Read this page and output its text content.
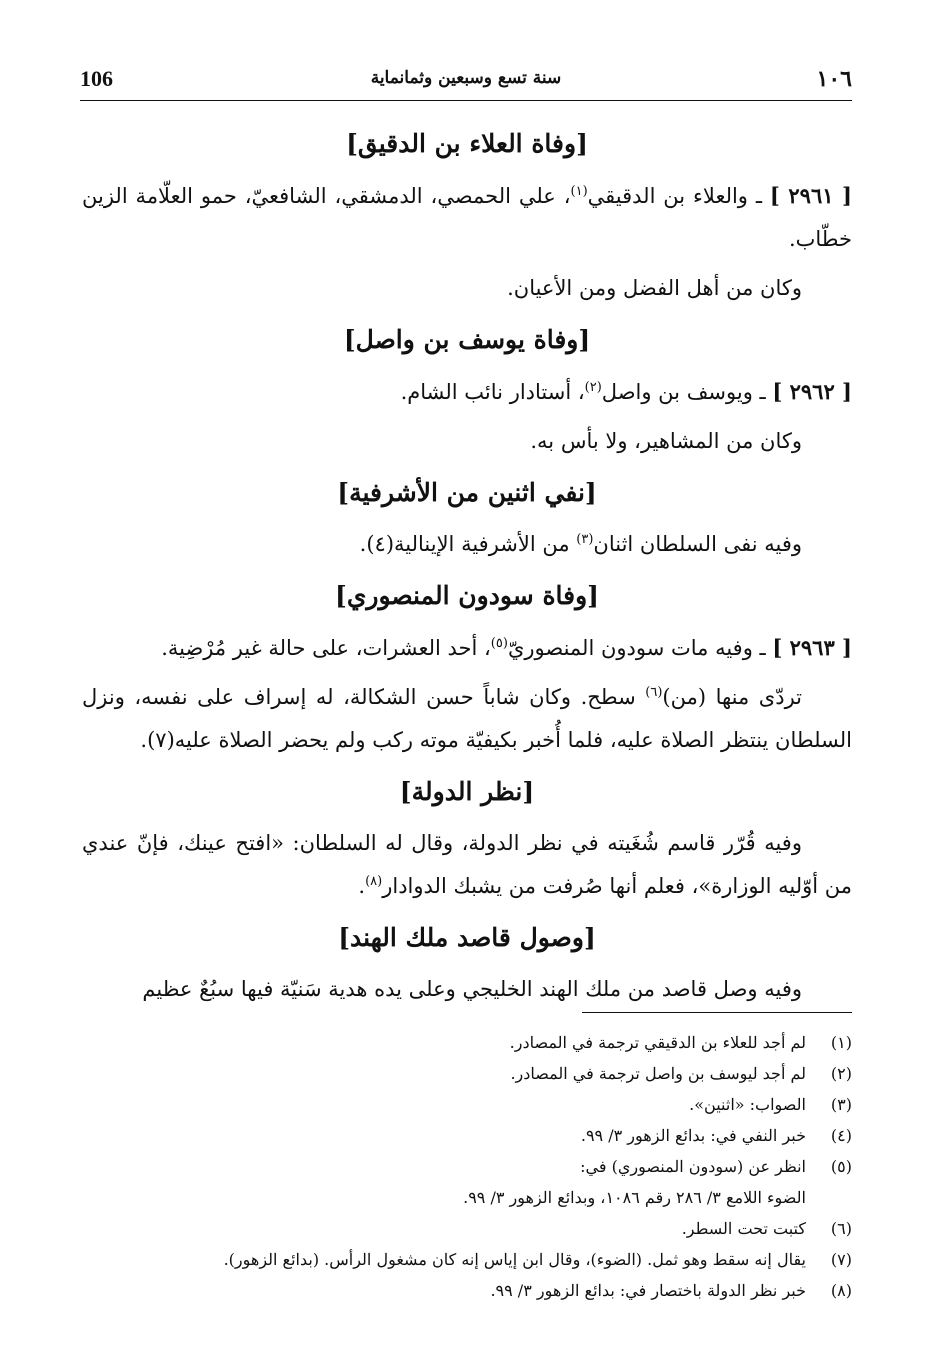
106	سنة تسع وسبعين وثمانماية	١٠٦
[وفاة العلاء بن الدقيق]

[ ٢٩٦١ ] ـ والعلاء بن الدقيقي$^{(١)}$، علي الحمصي، الدمشقي، الشافعيّ، حمو العلّامة الزين خطّاب.

وكان من أهل الفضل ومن الأعيان.

[وفاة يوسف بن واصل]

[ ٢٩٦٢ ] ـ ويوسف بن واصل$^{(٢)}$، أستادار نائب الشام.

وكان من المشاهير، ولا بأس به.

[نفي اثنين من الأشرفية]

وفيه نفى السلطان اثنان$^{(٣)}$ من الأشرفية الإينالية(٤).

[وفاة سودون المنصوري]

[ ٢٩٦٣ ] ـ وفيه مات سودون المنصوريّ$^{(٥)}$، أحد العشرات، على حالة غير مُرْضِية.

تردّى منها (من)$^{(٦)}$ سطح. وكان شاباً حسن الشكالة، له إسراف على نفسه، ونزل السلطان ينتظر الصلاة عليه، فلما أُخبر بكيفيّة موته ركب ولم يحضر الصلاة عليه(٧).

[نظر الدولة]

وفيه قُرّر قاسم شُغَيته في نظر الدولة، وقال له السلطان: «افتح عينك، فإنّ عندي من أوّليه الوزارة»، فعلم أنها صُرفت من يشبك الدوادار$^{(٨)}$.

[وصول قاصد ملك الهند]

وفيه وصل قاصد من ملك الهند الخليجي وعلى يده هدية سَنيّة فيها سبُعٌ عظيم

(١)
لم أجد للعلاء بن الدقيقي ترجمة في المصادر.
(٢)
لم أجد ليوسف بن واصل ترجمة في المصادر.
(٣)
الصواب: «اثنين».
(٤)
خبر النفي في: بدائع الزهور ٣/ ٩٩.
(٥)
انظر عن (سودون المنصوري) في:
الضوء اللامع ٣/ ٢٨٦ رقم ١٠٨٦، وبدائع الزهور ٣/ ٩٩.
(٦)
كتبت تحت السطر.
(٧)
يقال إنه سقط وهو ثمل. (الضوء)، وقال ابن إياس إنه كان مشغول الرأس. (بدائع الزهور).
(٨)
خبر نظر الدولة باختصار في: بدائع الزهور ٣/ ٩٩.
